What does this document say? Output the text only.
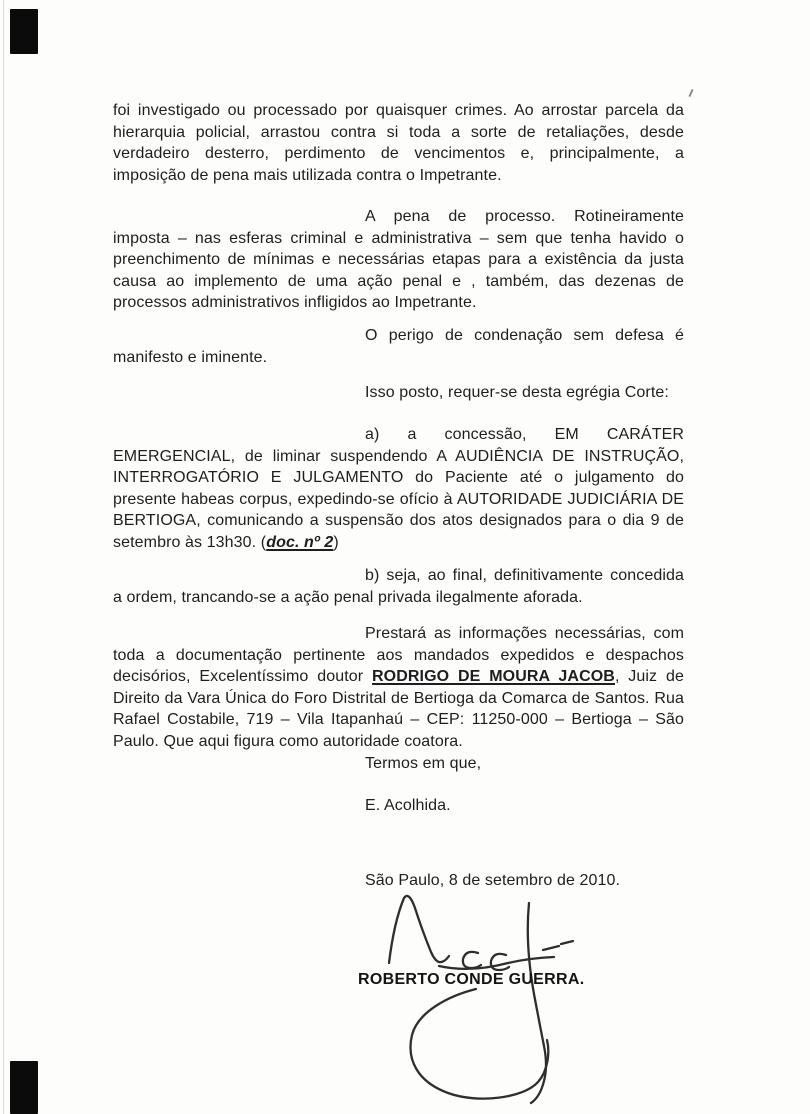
foi investigado ou processado por quaisquer crimes. Ao arrostar parcela da hierarquia policial, arrastou contra si toda a sorte de retaliações, desde verdadeiro desterro, perdimento de vencimentos e, principalmente, a imposição de pena mais utilizada contra o Impetrante.

A pena de processo. Rotineiramente imposta – nas esferas criminal e administrativa – sem que tenha havido o preenchimento de mínimas e necessárias etapas para a existência da justa causa ao implemento de uma ação penal e , também, das dezenas de processos administrativos infligidos ao Impetrante.

O perigo de condenação sem defesa é manifesto e iminente.

Isso posto, requer-se desta egrégia Corte:

a) a concessão, EM CARÁTER EMERGENCIAL, de liminar suspendendo A AUDIÊNCIA DE INSTRUÇÃO, INTERROGATÓRIO E JULGAMENTO do Paciente até o julgamento do presente habeas corpus, expedindo-se ofício à AUTORIDADE JUDICIÁRIA DE BERTIOGA, comunicando a suspensão dos atos designados para o dia 9 de setembro às 13h30. (doc. nº 2)

b) seja, ao final, definitivamente concedida a ordem, trancando-se a ação penal privada ilegalmente aforada.

Prestará as informações necessárias, com toda a documentação pertinente aos mandados expedidos e despachos decisórios, Excelentíssimo doutor RODRIGO DE MOURA JACOB, Juiz de Direito da Vara Única do Foro Distrital de Bertioga da Comarca de Santos. Rua Rafael Costabile, 719 – Vila Itapanhaú – CEP: 11250-000 – Bertioga – São Paulo. Que aqui figura como autoridade coatora.

Termos em que,

E. Acolhida.

São Paulo, 8 de setembro de 2010.

ROBERTO CONDE GUERRA.
